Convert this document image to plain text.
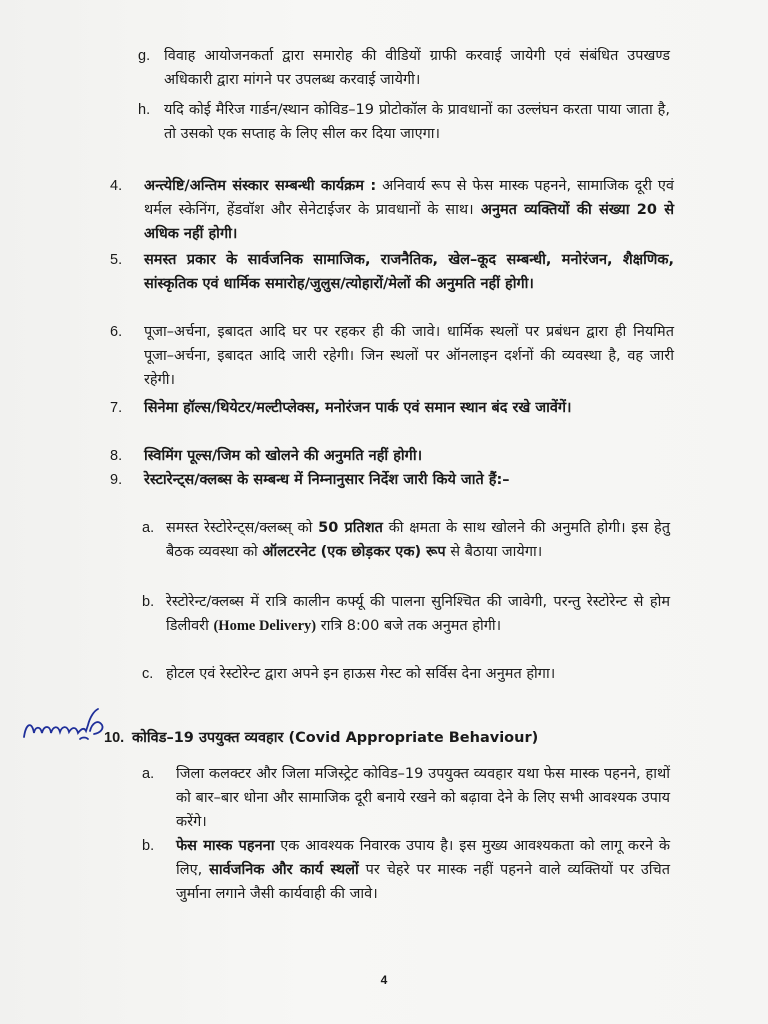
g. विवाह आयोजनकर्ता द्वारा समारोह की वीडियों ग्राफी करवाई जायेगी एवं संबंधित उपखण्ड अधिकारी द्वारा मांगने पर उपलब्ध करवाई जायेगी।
h. यदि कोई मैरिज गार्डन/स्थान कोविड–19 प्रोटोकॉल के प्रावधानों का उल्लंघन करता पाया जाता है, तो उसको एक सप्ताह के लिए सील कर दिया जाएगा।
4. अन्त्येष्टि/अन्तिम संस्कार सम्बन्धी कार्यक्रम : अनिवार्य रूप से फेस मास्क पहनने, सामाजिक दूरी एवं थर्मल स्केनिंग, हेंडवॉश और सेनेटाईजर के प्रावधानों के साथ। अनुमत व्यक्तियों की संख्या 20 से अधिक नहीं होगी।
5. समस्त प्रकार के सार्वजनिक सामाजिक, राजनैतिक, खेल–कूद सम्बन्धी, मनोरंजन, शैक्षणिक, सांस्कृतिक एवं धार्मिक समारोह/जुलुस/त्योहारों/मेलों की अनुमति नहीं होगी।
6. पूजा–अर्चना, इबादत आदि घर पर रहकर ही की जावे। धार्मिक स्थलों पर प्रबंधन द्वारा ही नियमित पूजा–अर्चना, इबादत आदि जारी रहेगी। जिन स्थलों पर ऑनलाइन दर्शनों की व्यवस्था है, वह जारी रहेगी।
7. सिनेमा हॉल्स/थियेटर/मल्टीप्लेक्स, मनोरंजन पार्क एवं समान स्थान बंद रखे जावेंगें।
8. स्विमिंग पूल्स/जिम को खोलने की अनुमति नहीं होगी।
9. रेस्टारेन्ट्स/क्लब्स के सम्बन्ध में निम्नानुसार निर्देश जारी किये जाते हैं:–
a. समस्त रेस्टोरेन्ट्स/क्लब्स् को 50 प्रतिशत की क्षमता के साथ खोलने की अनुमति होगी। इस हेतु बैठक व्यवस्था को ऑलटरनेट (एक छोड़कर एक) रूप से बैठाया जायेगा।
b. रेस्टोरेन्ट/क्लब्स में रात्रि कालीन कर्फ्यू की पालना सुनिश्चित की जावेगी, परन्तु रेस्टोरेन्ट से होम डिलीवरी (Home Delivery) रात्रि 8:00 बजे तक अनुमत होगी।
c. होटल एवं रेस्टोरेन्ट द्वारा अपने इन हाऊस गेस्ट को सर्विस देना अनुमत होगा।
10. कोविड–19 उपयुक्त व्यवहार (Covid Appropriate Behaviour)
a. जिला कलक्टर और जिला मजिस्ट्रेट कोविड–19 उपयुक्त व्यवहार यथा फेस मास्क पहनने, हाथों को बार–बार धोना और सामाजिक दूरी बनाये रखने को बढ़ावा देने के लिए सभी आवश्यक उपाय करेंगे।
b. फेस मास्क पहनना एक आवश्यक निवारक उपाय है। इस मुख्य आवश्यकता को लागू करने के लिए, सार्वजनिक और कार्य स्थलों पर चेहरे पर मास्क नहीं पहनने वाले व्यक्तियों पर उचित जुर्माना लगाने जैसी कार्यवाही की जावे।
4
